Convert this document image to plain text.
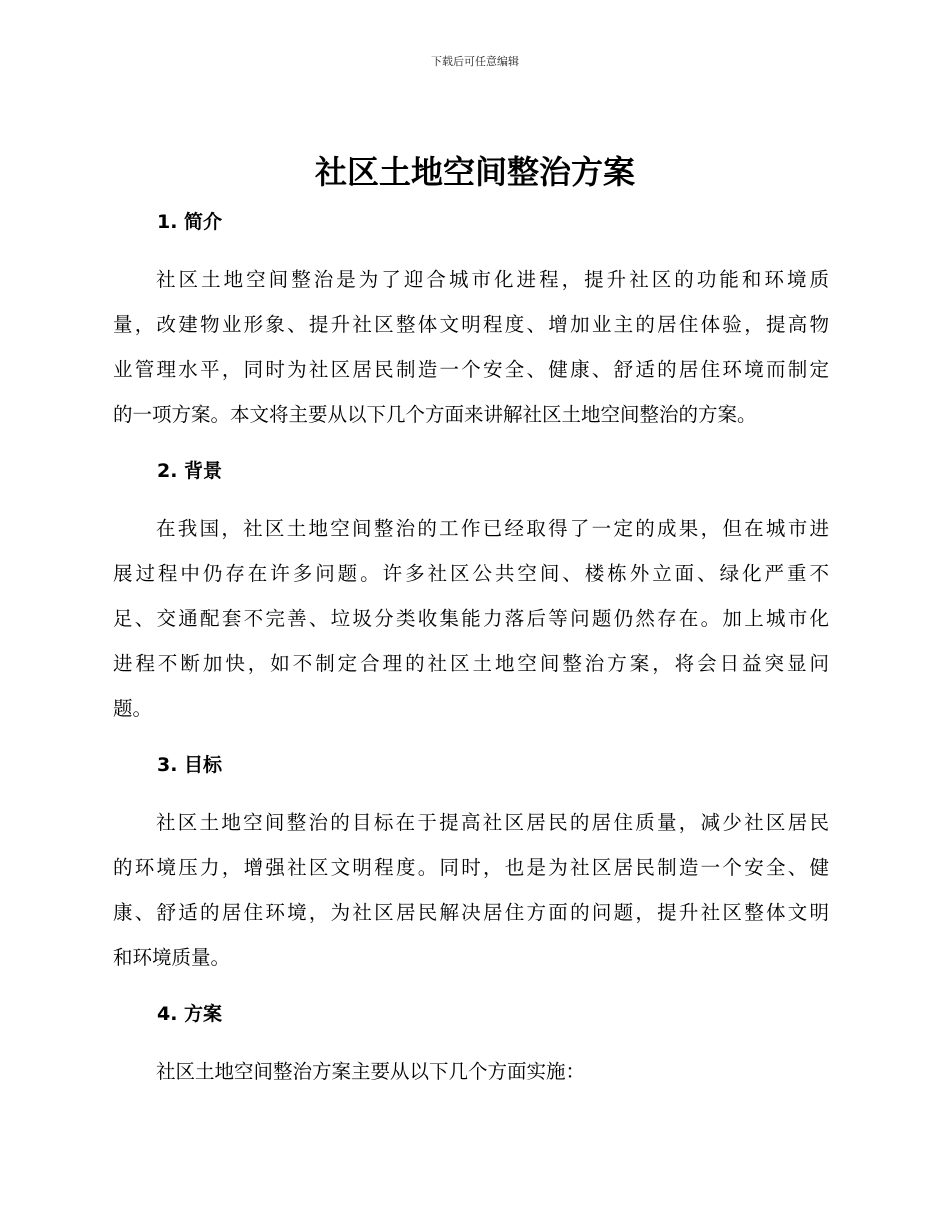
下载后可任意编辑
社区土地空间整治方案
1. 简介
社区土地空间整治是为了迎合城市化进程，提升社区的功能和环境质
量，改建物业形象、提升社区整体文明程度、增加业主的居住体验，提高物
业管理水平，同时为社区居民制造一个安全、健康、舒适的居住环境而制定
的一项方案。本文将主要从以下几个方面来讲解社区土地空间整治的方案。
2. 背景
在我国，社区土地空间整治的工作已经取得了一定的成果，但在城市进
展过程中仍存在许多问题。许多社区公共空间、楼栋外立面、绿化严重不
足、交通配套不完善、垃圾分类收集能力落后等问题仍然存在。加上城市化
进程不断加快，如不制定合理的社区土地空间整治方案，将会日益突显问
题。
3. 目标
社区土地空间整治的目标在于提高社区居民的居住质量，减少社区居民
的环境压力，增强社区文明程度。同时，也是为社区居民制造一个安全、健
康、舒适的居住环境，为社区居民解决居住方面的问题，提升社区整体文明
和环境质量。
4. 方案
社区土地空间整治方案主要从以下几个方面实施：
